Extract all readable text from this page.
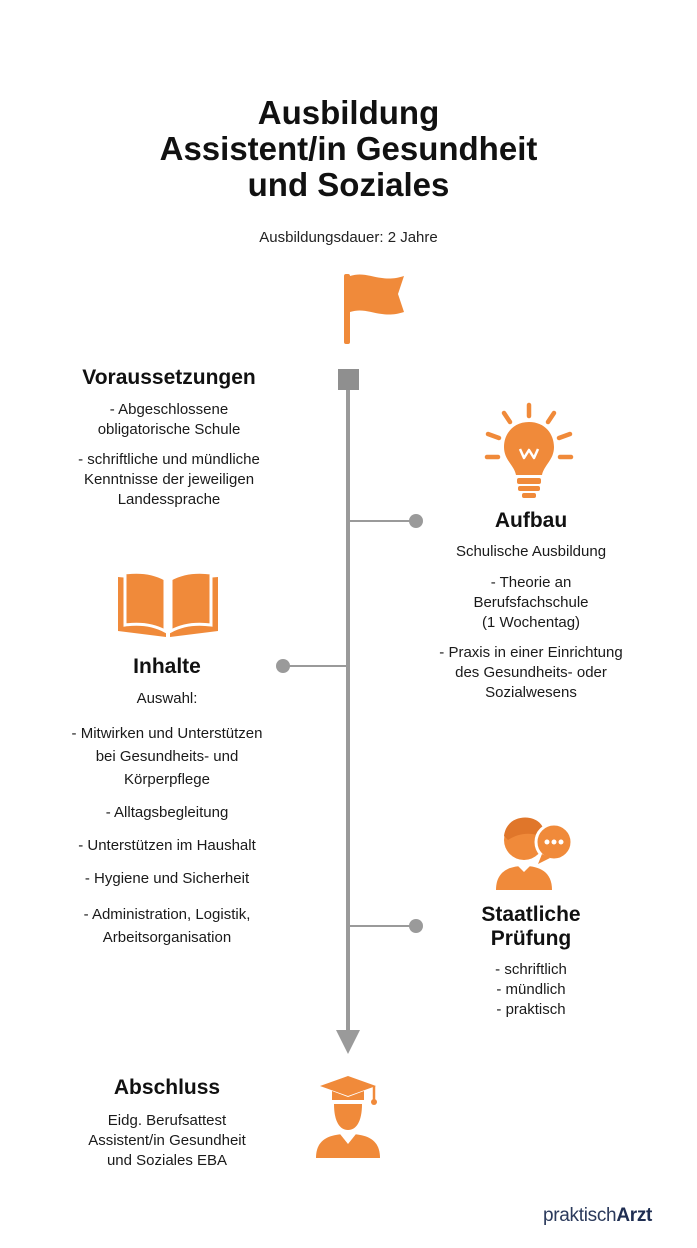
Ausbildung
Assistent/in Gesundheit
und Soziales
Ausbildungsdauer: 2 Jahre
Voraussetzungen
- Abgeschlossene
obligatorische Schule
- schriftliche und mündliche
Kenntnisse der jeweiligen
Landessprache
Aufbau
Schulische Ausbildung
- Theorie an
Berufsfachschule
(1 Wochentag)
- Praxis in einer Einrichtung
des Gesundheits- oder
Sozialwesens
Inhalte
Auswahl:
- Mitwirken und Unterstützen
bei Gesundheits- und
Körperpflege
- Alltagsbegleitung
- Unterstützen im Haushalt
- Hygiene und Sicherheit
- Administration, Logistik,
Arbeitsorganisation
Staatliche
Prüfung
- schriftlich
- mündlich
- praktisch
Abschluss
Eidg. Berufsattest
Assistent/in Gesundheit
und Soziales EBA
praktischArzt
